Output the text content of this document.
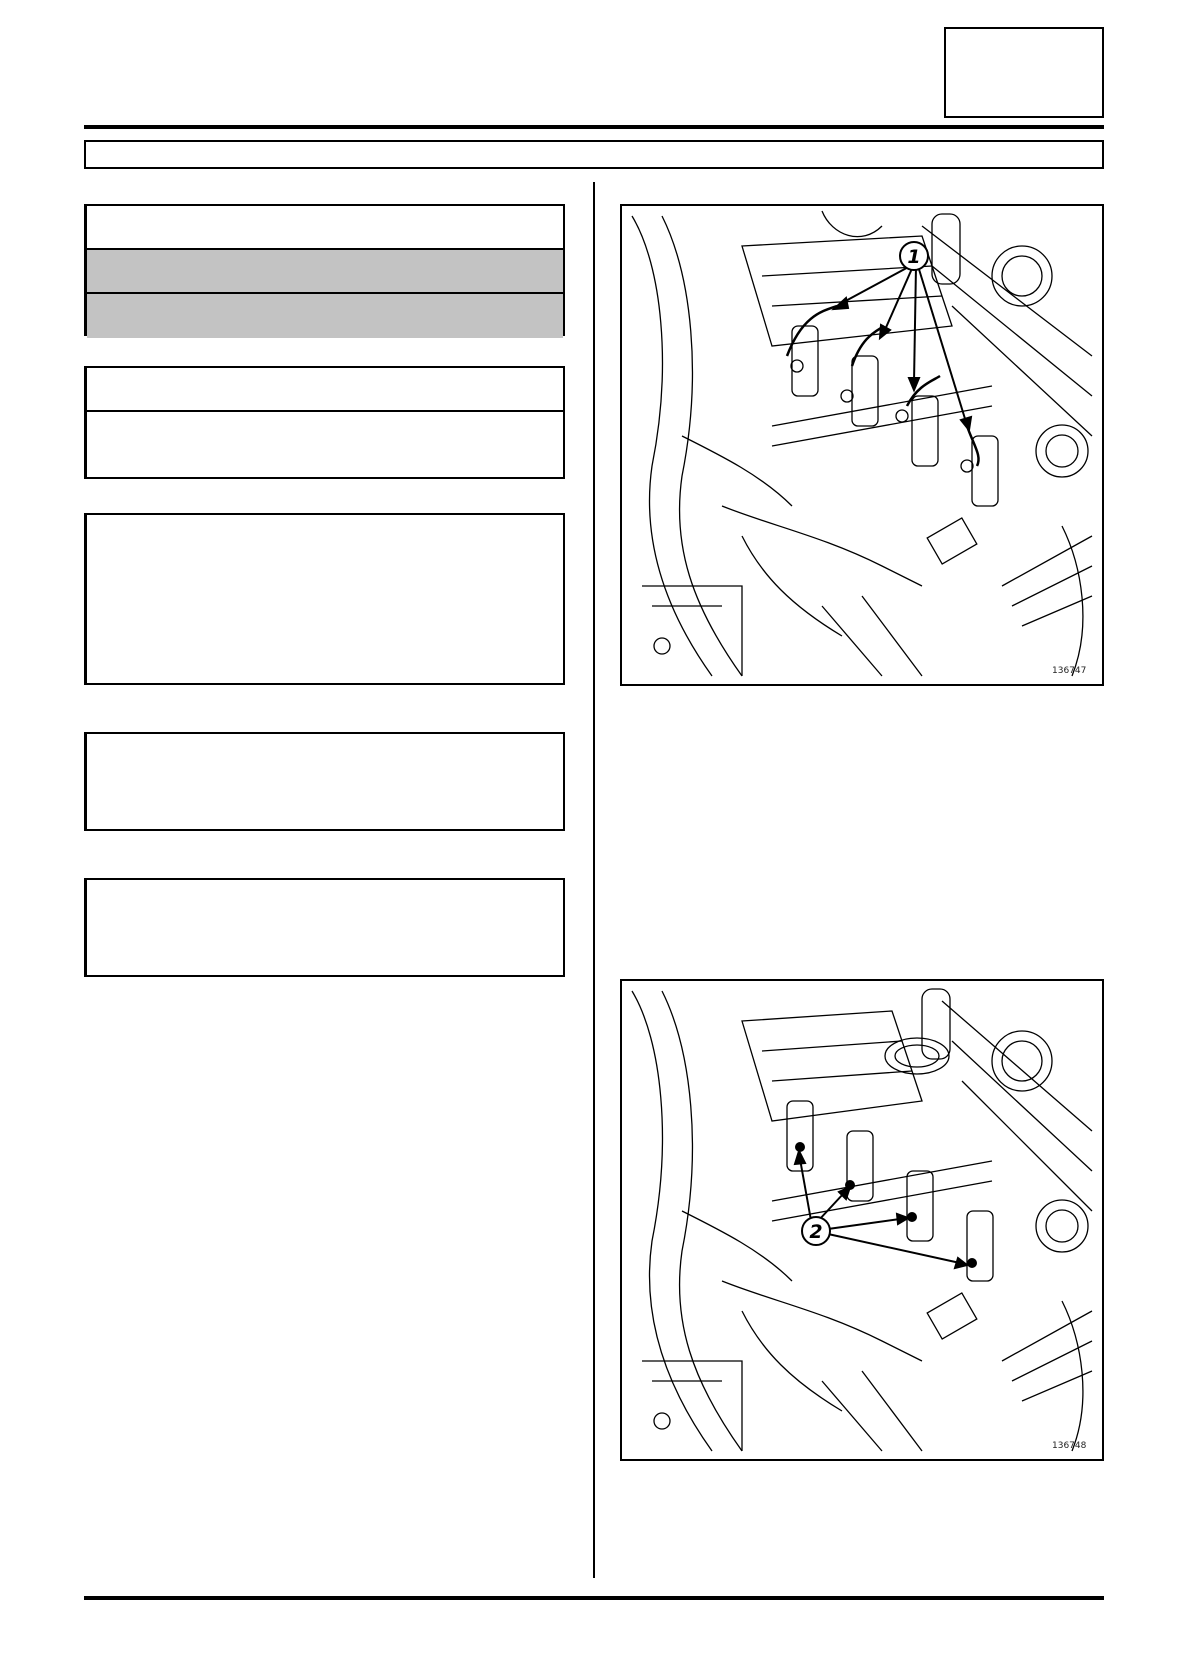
1
136747
2
136748
